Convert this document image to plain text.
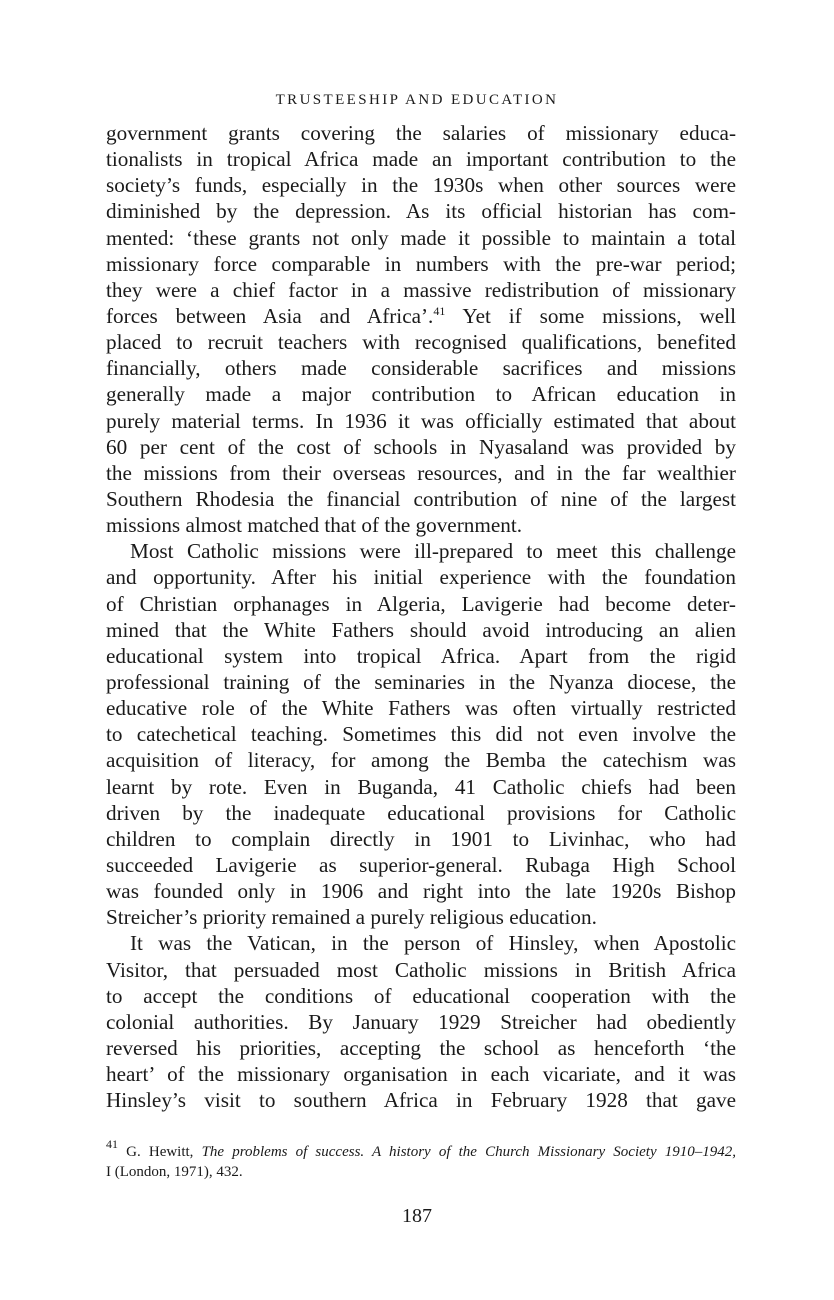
TRUSTEESHIP AND EDUCATION
government grants covering the salaries of missionary educa-
tionalists in tropical Africa made an important contribution to the
society’s funds, especially in the 1930s when other sources were
diminished by the depression. As its official historian has com-
mented: ‘these grants not only made it possible to maintain a total
missionary force comparable in numbers with the pre-war period;
they were a chief factor in a massive redistribution of missionary
forces between Asia and Africa’.$^{41}$ Yet if some missions, well
placed to recruit teachers with recognised qualifications, benefited
financially, others made considerable sacrifices and missions
generally made a major contribution to African education in
purely material terms. In 1936 it was officially estimated that about
60 per cent of the cost of schools in Nyasaland was provided by
the missions from their overseas resources, and in the far wealthier
Southern Rhodesia the financial contribution of nine of the largest
missions almost matched that of the government.
Most Catholic missions were ill-prepared to meet this challenge
and opportunity. After his initial experience with the foundation
of Christian orphanages in Algeria, Lavigerie had become deter-
mined that the White Fathers should avoid introducing an alien
educational system into tropical Africa. Apart from the rigid
professional training of the seminaries in the Nyanza diocese, the
educative role of the White Fathers was often virtually restricted
to catechetical teaching. Sometimes this did not even involve the
acquisition of literacy, for among the Bemba the catechism was
learnt by rote. Even in Buganda, 41 Catholic chiefs had been
driven by the inadequate educational provisions for Catholic
children to complain directly in 1901 to Livinhac, who had
succeeded Lavigerie as superior-general. Rubaga High School
was founded only in 1906 and right into the late 1920s Bishop
Streicher’s priority remained a purely religious education.
It was the Vatican, in the person of Hinsley, when Apostolic
Visitor, that persuaded most Catholic missions in British Africa
to accept the conditions of educational cooperation with the
colonial authorities. By January 1929 Streicher had obediently
reversed his priorities, accepting the school as henceforth ‘the
heart’ of the missionary organisation in each vicariate, and it was
Hinsley’s visit to southern Africa in February 1928 that gave
$^{41}$ G. Hewitt, The problems of success. A history of the Church Missionary Society 1910–1942,
I (London, 1971), 432.
187
